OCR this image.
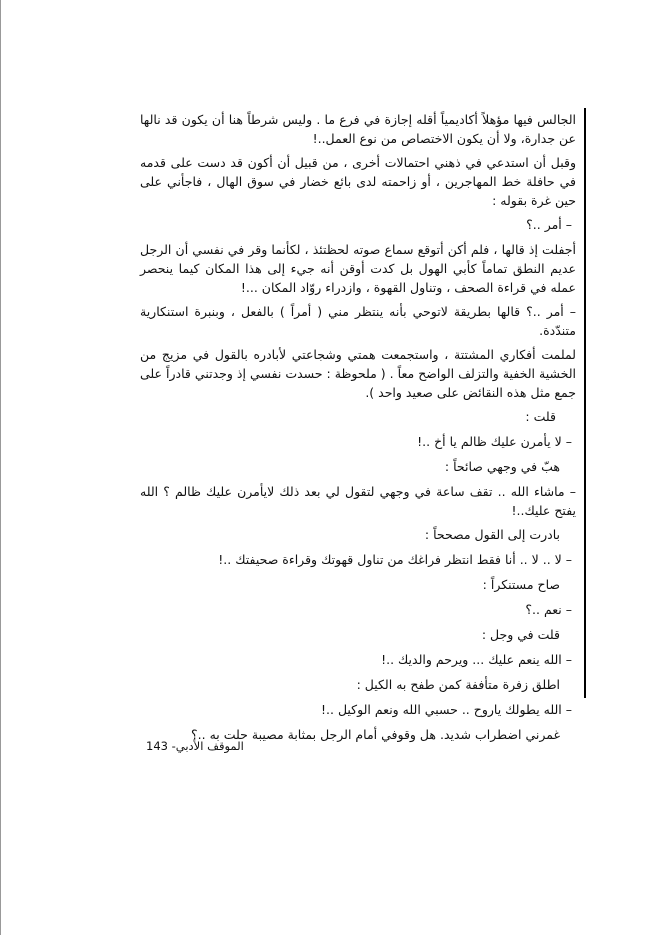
الجالس فيها مؤهلاً أكاديمياً أقله إجازة في فرع ما . وليس شرطاً هنا أن يكون قد نالها عن جدارة، ولا أن يكون الاختصاص من نوع العمل..!

وقبل أن استدعي في ذهني احتمالات أخرى ، من قبيل أن أكون قد دست على قدمه في حافلة خط المهاجرين ، أو زاحمته لدى بائع خضار في سوق الهال ، فاجأني على حين غرة بقوله :

– أمر ..؟

أجفلت إذ قالها ، فلم أكن أتوقع سماع صوته لحظتئذ ، لكأنما وقر في نفسي أن الرجل عديم النطق تماماً كأبي الهول بل كدت أوقن أنه جيء إلى هذا المكان كيما ينحصر عمله في قراءة الصحف ، وتناول القهوة ، وازدراء روّاد المكان ...!

– أمر ..؟ قالها بطريقة لاتوحي بأنه ينتظر مني ( أمراً ) بالفعل ، وبنبرة استنكارية متندّدة.

لملمت أفكاري المشتتة ، واستجمعت همتي وشجاعتي لأبادره بالقول في مزيج من الخشية الخفية والتزلف الواضح معاً . ( ملحوظة : حسدت نفسي إذ وجدتني قادراً على جمع مثل هذه النقائض على صعيد واحد ).

قلت :

– لا يأمرن عليك ظالم يا أخ ..!

هبّ في وجهي صائحاً :

– ماشاء الله .. تقف ساعة في وجهي لتقول لي بعد ذلك لايأمرن عليك ظالم ؟ الله يفتح عليك..!

بادرت إلى القول مصححاً :

– لا .. لا .. أنا فقط انتظر فراغك من تناول قهوتك وقراءة صحيفتك ..!

صاح مستنكراً :

– نعم ..؟

قلت في وجل :

– الله ينعم عليك ... ويرحم والديك ..!

اطلق زفرة متأففة كمن طفح به الكيل :

– الله يطولك ياروح .. حسبي الله ونعم الوكيل ..!

غمرني اضطراب شديد. هل وقوفي أمام الرجل بمثابة مصيبة حلت به ..؟

الموقف الأدبي- 143
